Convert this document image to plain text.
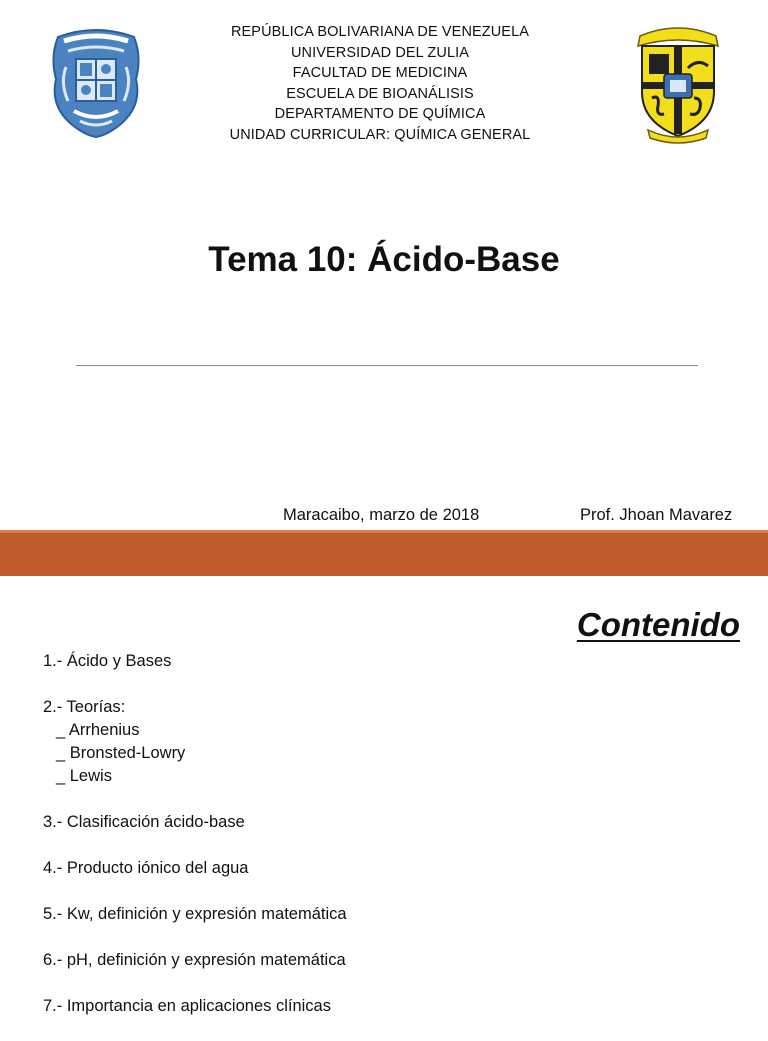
REPÚBLICA BOLIVARIANA DE VENEZUELA
UNIVERSIDAD DEL ZULIA
FACULTAD DE MEDICINA
ESCUELA DE BIOANÁLISIS
DEPARTAMENTO DE QUÍMICA
UNIDAD CURRICULAR: QUÍMICA GENERAL
Tema 10: Ácido-Base
Maracaibo, marzo de 2018	Prof. Jhoan Mavarez
Contenido
1.- Ácido y Bases
2.- Teorías:
_ Arrhenius
_ Bronsted-Lowry
_ Lewis
3.- Clasificación ácido-base
4.- Producto iónico del agua
5.- Kw, definición y expresión matemática
6.- pH, definición y expresión matemática
7.- Importancia en aplicaciones clínicas
